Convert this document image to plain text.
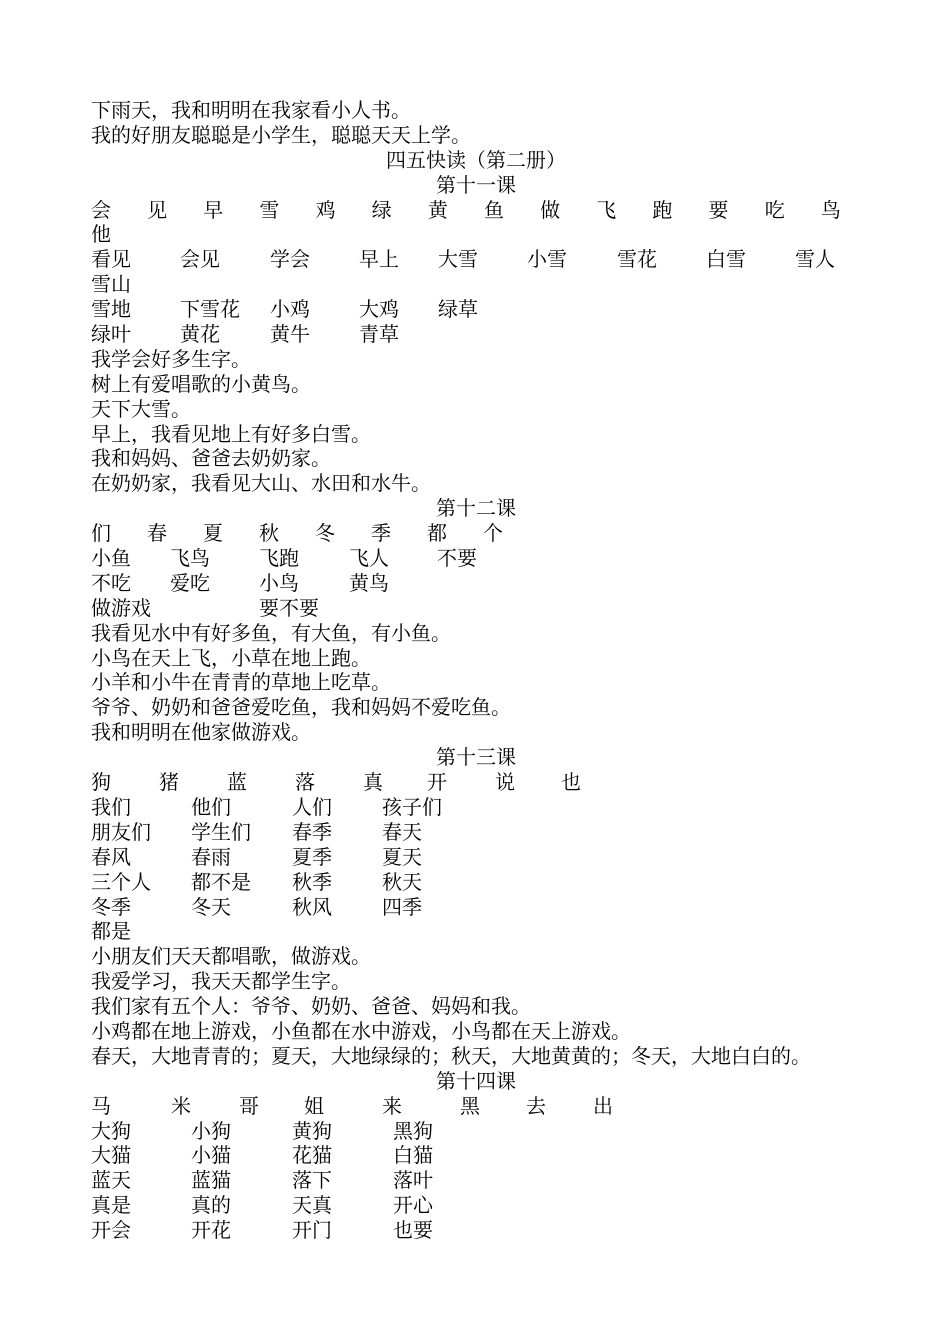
下雨天，我和明明在我家看小人书。
我的好朋友聪聪是小学生，聪聪天天上学。
四五快读（第二册）
第十一课
会 见 早 雪 鸡 绿 黄 鱼 做 飞 跑 要 吃 鸟
他
看见 会见	学会 早上 大雪 小雪	雪花 白雪 雪人
雪山
雪地 下雪花 小鸡 大鸡 绿草
绿叶 黄花	黄牛 青草
我学会好多生字。
树上有爱唱歌的小黄鸟。
天下大雪。
早上，我看见地上有好多白雪。
我和妈妈、爸爸去奶奶家。
在奶奶家，我看见大山、水田和水牛。
第十二课
们 春 夏 秋 冬 季 都 个
小鱼 飞鸟 飞跑	飞人 不要
不吃 爱吃 小鸟	黄鸟
做游戏	要不要
我看见水中有好多鱼，有大鱼，有小鱼。
小鸟在天上飞，小草在地上跑。
小羊和小牛在青青的草地上吃草。
爷爷、奶奶和爸爸爱吃鱼，我和妈妈不爱吃鱼。
我和明明在他家做游戏。
第十三课
狗 猪 蓝 落 真 开 说 也
我们	他们	人们	孩子们
朋友们 学生们 春季	春天
春风	春雨	夏季	夏天
三个人 都不是 秋季	秋天
冬季	冬天	秋风	四季
都是
小朋友们天天都唱歌，做游戏。
我爱学习，我天天都学生字。
我们家有五个人：爷爷、奶奶、爸爸、妈妈和我。
小鸡都在地上游戏，小鱼都在水中游戏，小鸟都在天上游戏。
春天，大地青青的；夏天，大地绿绿的；秋天，大地黄黄的；冬天，大地白白的。
第十四课
马	米 哥 姐	来	黑 去 出
大狗	小狗	黄狗	黑狗
大猫	小猫	花猫	白猫
蓝天	蓝猫	落下	落叶
真是	真的	天真	开心
开会	开花	开门	也要
